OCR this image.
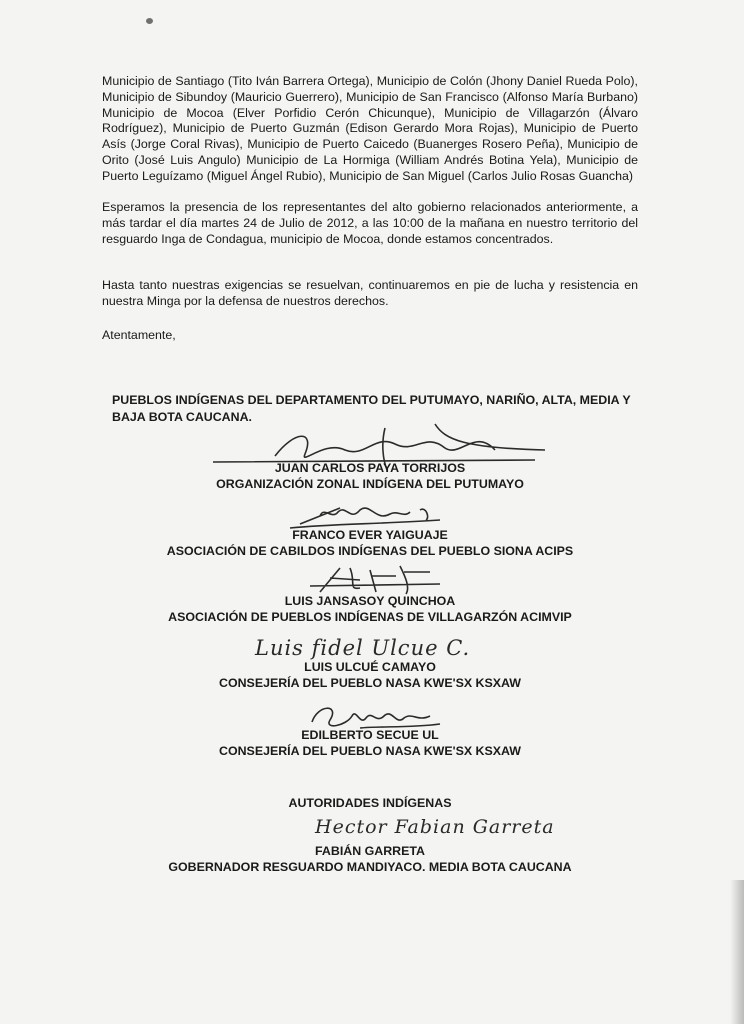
Municipio de Santiago (Tito Iván Barrera Ortega), Municipio de Colón (Jhony Daniel Rueda Polo), Municipio de Sibundoy (Mauricio Guerrero), Municipio de San Francisco (Alfonso María Burbano) Municipio de Mocoa (Elver Porfidio Cerón Chicunque), Municipio de Villagarzón (Álvaro Rodríguez), Municipio de Puerto Guzmán (Edison Gerardo Mora Rojas), Municipio de Puerto Asís (Jorge Coral Rivas), Municipio de Puerto Caicedo (Buanerges Rosero Peña), Municipio de Orito (José Luis Angulo) Municipio de La Hormiga (William Andrés Botina Yela), Municipio de Puerto Leguízamo (Miguel Ángel Rubio), Municipio de San Miguel (Carlos Julio Rosas Guancha)
Esperamos la presencia de los representantes del alto gobierno relacionados anteriormente, a más tardar el día martes 24 de Julio de 2012, a las 10:00 de la mañana en nuestro territorio del resguardo Inga de Condagua, municipio de Mocoa, donde estamos concentrados.
Hasta tanto nuestras exigencias se resuelvan, continuaremos en pie de lucha y resistencia en nuestra Minga por la defensa de nuestros derechos.
Atentamente,
PUEBLOS INDÍGENAS DEL DEPARTAMENTO DEL PUTUMAYO, NARIÑO, ALTA, MEDIA Y BAJA BOTA CAUCANA.
JUAN CARLOS PAYA TORRIJOS
ORGANIZACIÓN ZONAL INDÍGENA DEL PUTUMAYO
FRANCO EVER YAIGUAJE
ASOCIACIÓN DE CABILDOS INDÍGENAS DEL PUEBLO SIONA ACIPS
LUIS JANSASOY QUINCHOA
ASOCIACIÓN DE PUEBLOS INDÍGENAS DE VILLAGARZÓN ACIMVIP
Luis fidel Ulcue C.
LUIS ULCUÉ CAMAYO
CONSEJERÍA DEL PUEBLO NASA KWE'SX KSXAW
EDILBERTO SECUE UL
CONSEJERÍA DEL PUEBLO NASA KWE'SX KSXAW
AUTORIDADES INDÍGENAS
Hector Fabian Garreta
FABIÁN GARRETA
GOBERNADOR RESGUARDO MANDIYACO. MEDIA BOTA CAUCANA
